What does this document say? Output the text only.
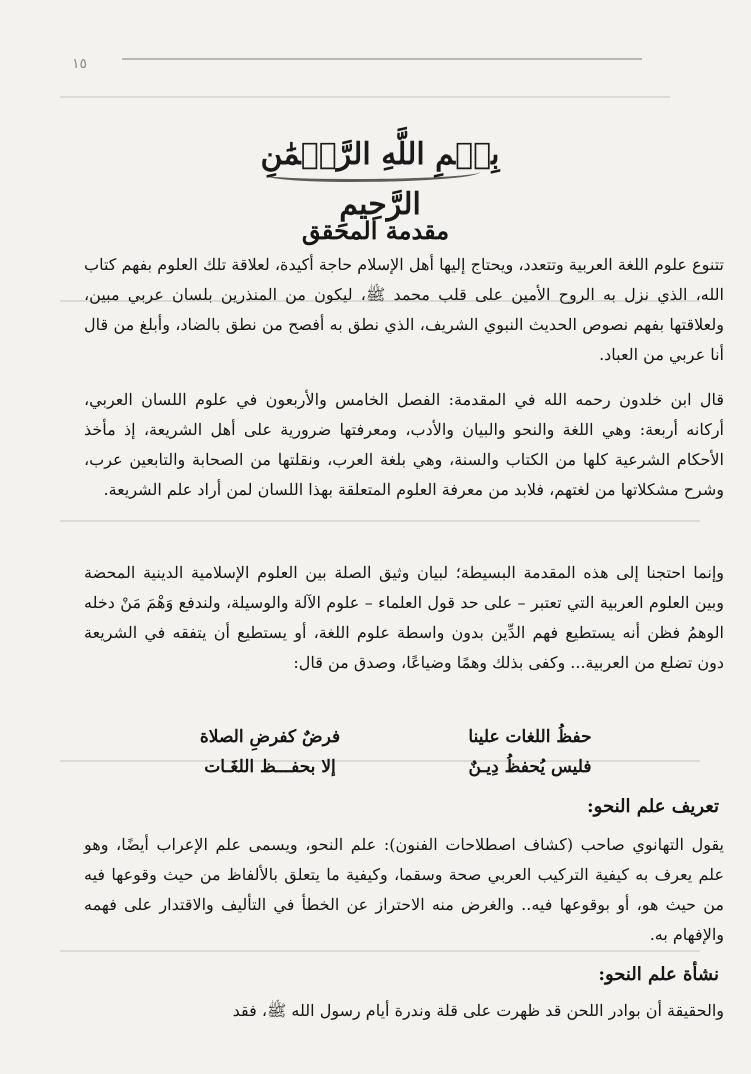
١٥
بِسۡمِ اللَّهِ الرَّحۡمَٰنِ الرَّحِيمِ
مقدمة المحقق
تتنوع علوم اللغة العربية وتتعدد، ويحتاج إليها أهل الإسلام حاجة أكيدة، لعلاقة تلك العلوم بفهم كتاب الله، الذي نزل به الروح الأمين على قلب محمد ﷺ، ليكون من المنذرين بلسان عربي مبين، ولعلاقتها بفهم نصوص الحديث النبوي الشريف، الذي نطق به أفصح من نطق بالضاد، وأبلغ من قال أنا عربي من العباد.
قال ابن خلدون رحمه الله في المقدمة: الفصل الخامس والأربعون في علوم اللسان العربي، أركانه أربعة: وهي اللغة والنحو والبيان والأدب، ومعرفتها ضرورية على أهل الشريعة، إذ مأخذ الأحكام الشرعية كلها من الكتاب والسنة، وهي بلغة العرب، ونقلتها من الصحابة والتابعين عرب، وشرح مشكلاتها من لغتهم، فلابد من معرفة العلوم المتعلقة بهذا اللسان لمن أراد علم الشريعة.
وإنما احتجنا إلى هذه المقدمة البسيطة؛ لبيان وثيق الصلة بين العلوم الإسلامية الدينية المحضة وبين العلوم العربية التي تعتبر – على حد قول العلماء – علوم الآلة والوسيلة، ولندفع وَهْمَ مَنْ دخله الوهمُ فظن أنه يستطيع فهم الدِّين بدون واسطة علوم اللغة، أو يستطيع أن يتفقه في الشريعة دون تضلع من العربية... وكفى بذلك وهمًا وضياعًا، وصدق من قال:
حفظُ اللغات علينا
فرضٌ كفرضِ الصلاة
فليس يُحفظُ دِيـنٌ
إلا بحفـــظ اللغَـات
تعريف علم النحو:
يقول التهانوي صاحب (كشاف اصطلاحات الفنون): علم النحو، ويسمى علم الإعراب أيضًا، وهو علم يعرف به كيفية التركيب العربي صحة وسقما، وكيفية ما يتعلق بالألفاظ من حيث وقوعها فيه من حيث هو، أو بوقوعها فيه.. والغرض منه الاحتراز عن الخطأ في التأليف والاقتدار على فهمه والإفهام به.
نشأة علم النحو:
والحقيقة أن بوادر اللحن قد ظهرت على قلة وندرة أيام رسول الله ﷺ، فقد
